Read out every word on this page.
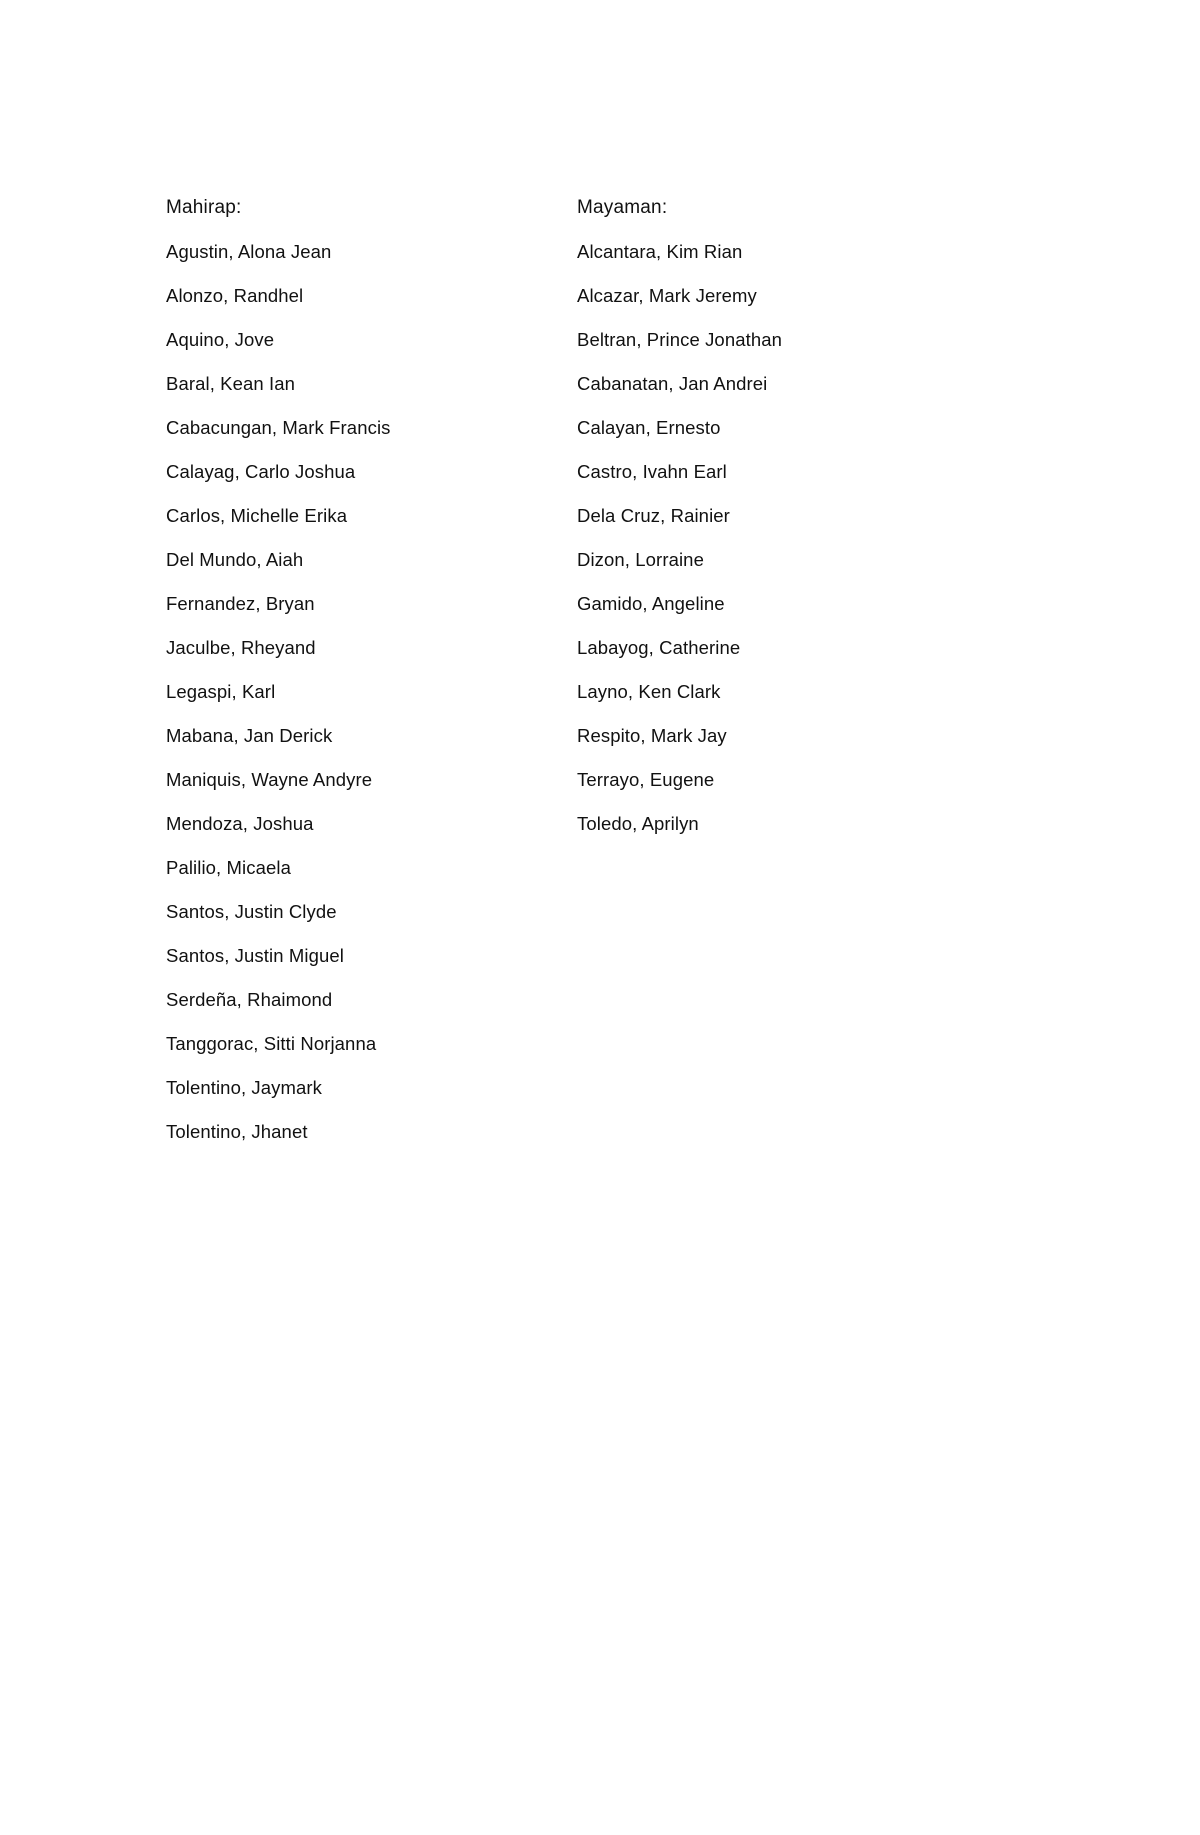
Mahirap:
Agustin, Alona Jean
Alonzo, Randhel
Aquino, Jove
Baral, Kean Ian
Cabacungan, Mark Francis
Calayag, Carlo Joshua
Carlos, Michelle Erika
Del Mundo, Aiah
Fernandez, Bryan
Jaculbe, Rheyand
Legaspi, Karl
Mabana, Jan Derick
Maniquis, Wayne Andyre
Mendoza, Joshua
Palilio, Micaela
Santos, Justin Clyde
Santos, Justin Miguel
Serdeña, Rhaimond
Tanggorac, Sitti Norjanna
Tolentino, Jaymark
Tolentino, Jhanet
Mayaman:
Alcantara, Kim Rian
Alcazar, Mark Jeremy
Beltran, Prince Jonathan
Cabanatan, Jan Andrei
Calayan, Ernesto
Castro, Ivahn Earl
Dela Cruz, Rainier
Dizon, Lorraine
Gamido, Angeline
Labayog, Catherine
Layno, Ken Clark
Respito, Mark Jay
Terrayo, Eugene
Toledo, Aprilyn
